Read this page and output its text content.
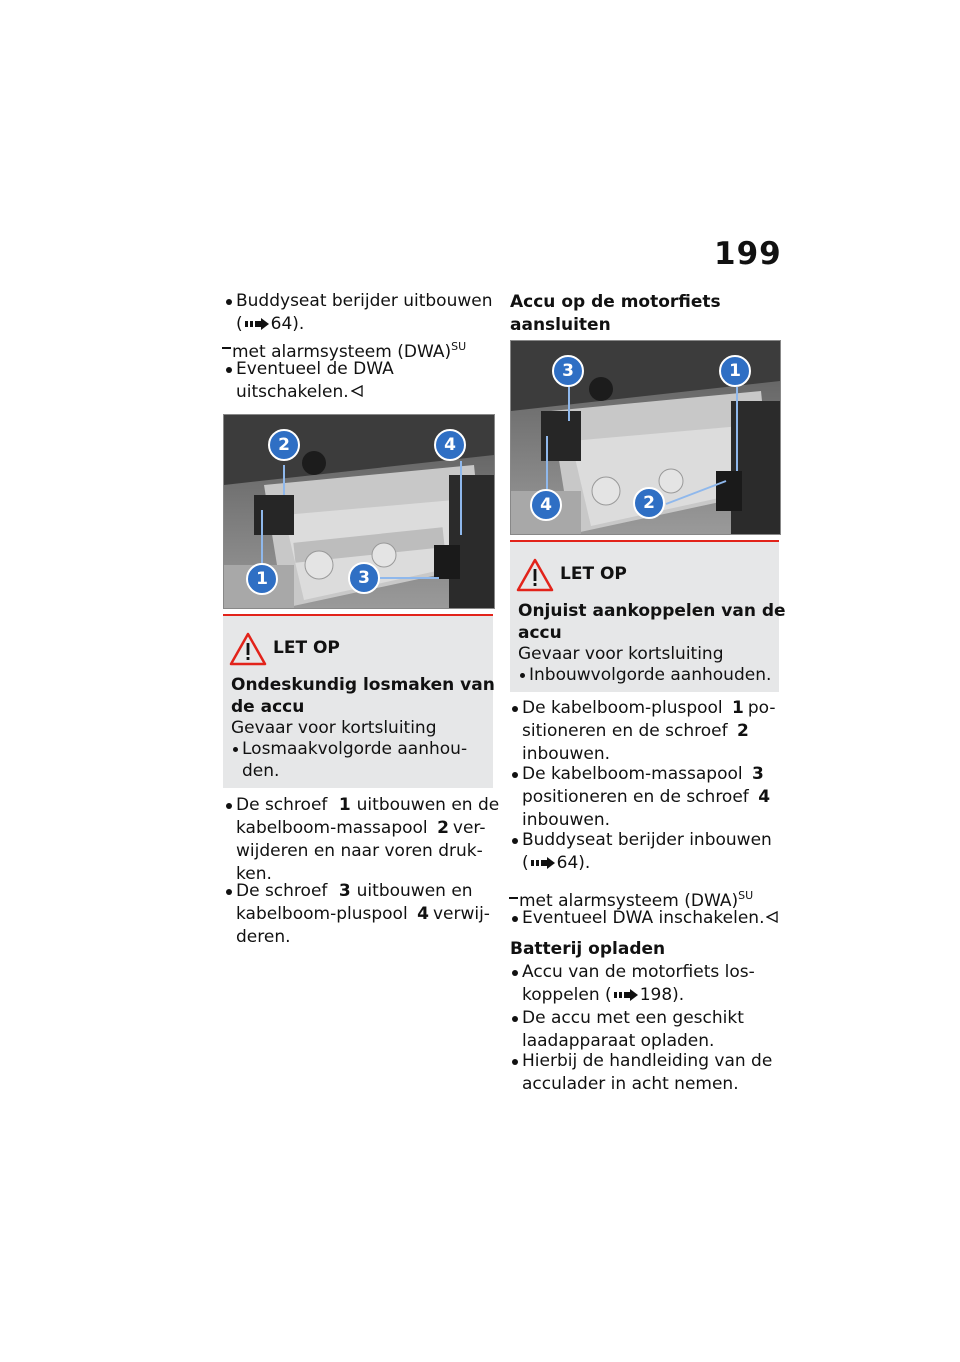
199
Buddyseat berijder uitbouwen
( 64).
met alarmsysteem (DWA)$^{SU}$
Eventueel de DWA
uitschakelen.
2	4
1	3
LET OP
Ondeskundig losmaken van
de accu
Gevaar voor kortsluiting
Losmaakvolgorde aanhou-
den.
De schroef 1 uitbouwen en de
kabelboom-massapool 2 ver-
wijderen en naar voren druk-
ken.
De schroef 3 uitbouwen en
kabelboom-pluspool 4 verwij-
deren.
Accu op de motorfiets
aansluiten
3	1
4	2
LET OP
Onjuist aankoppelen van de
accu
Gevaar voor kortsluiting
Inbouwvolgorde aanhouden.
De kabelboom-pluspool 1 po-
sitioneren en de schroef 2
inbouwen.
De kabelboom-massapool 3
positioneren en de schroef 4
inbouwen.
Buddyseat berijder inbouwen
( 64).
met alarmsysteem (DWA)$^{SU}$
Eventueel DWA inschakelen.
Batterij opladen
Accu van de motorfiets los-
koppelen ( 198).
De accu met een geschikt
laadapparaat opladen.
Hierbij de handleiding van de
acculader in acht nemen.
